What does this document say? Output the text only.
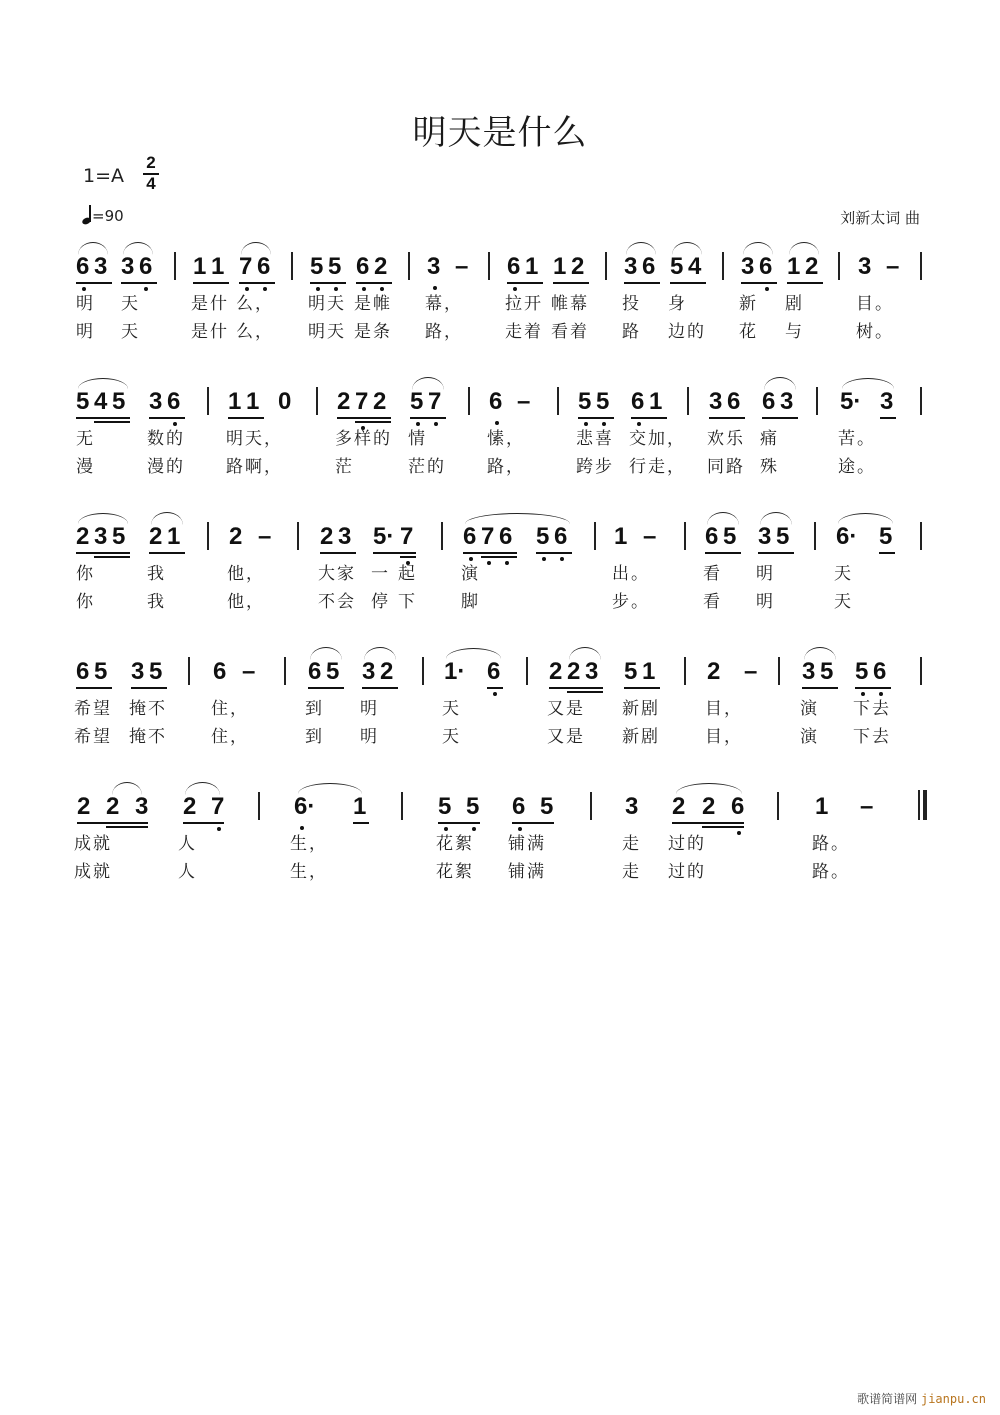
明天是什么
$1=A \frac{2}{4}$
=90	刘新太词 曲
6 3 3 6 1 1 7 6 5 5 6 2 3 – 6 1 1 2 3 6 5 4 3 6 1 2 3 –
明 天	是什 么， 明天 是帷 幕， 拉开 帷幕 投 身	新 剧	目。
明 天	是什 么， 明天 是条 路， 走着 看着 路 边的 花 与	树。
5 4 5 3 6 1 1 0 2 7 2 5 7 6 – 5 5 6 1 3 6 6 3 5· 3
无	数的 明天，	多样的 情	愫，	悲喜 交加， 欢乐 痛	苦。
漫	漫的 路啊，	茫	茫的 路，	跨步 行走， 同路 殊	途。
2 3 5 2 1 2 – 2 3 5· 7 6 7 6 5 6 1 – 6 5 3 5 6· 5
你	我	他，	大家 一 起	演	出。	看 明	天
你	我	他，	不会 停 下	脚	步。	看 明	天
6 5 3 5 6 – 6 5 3 2 1· 6 2 2 3 5 1 2 – 3 5 5 6
希望 掩不	住，	到 明	天	又是 新剧	目，	演 下去
希望 掩不	住，	到 明	天	又是 新剧	目，	演 下去
2 2 3 2 7	6· 1	5 5 6 5	3 2 2 6	1 –
成就	人	生，	花絮 铺满	走 过的	路。
成就	人	生，	花絮 铺满	走 过的	路。
歌谱简谱网 jianpu.cn
